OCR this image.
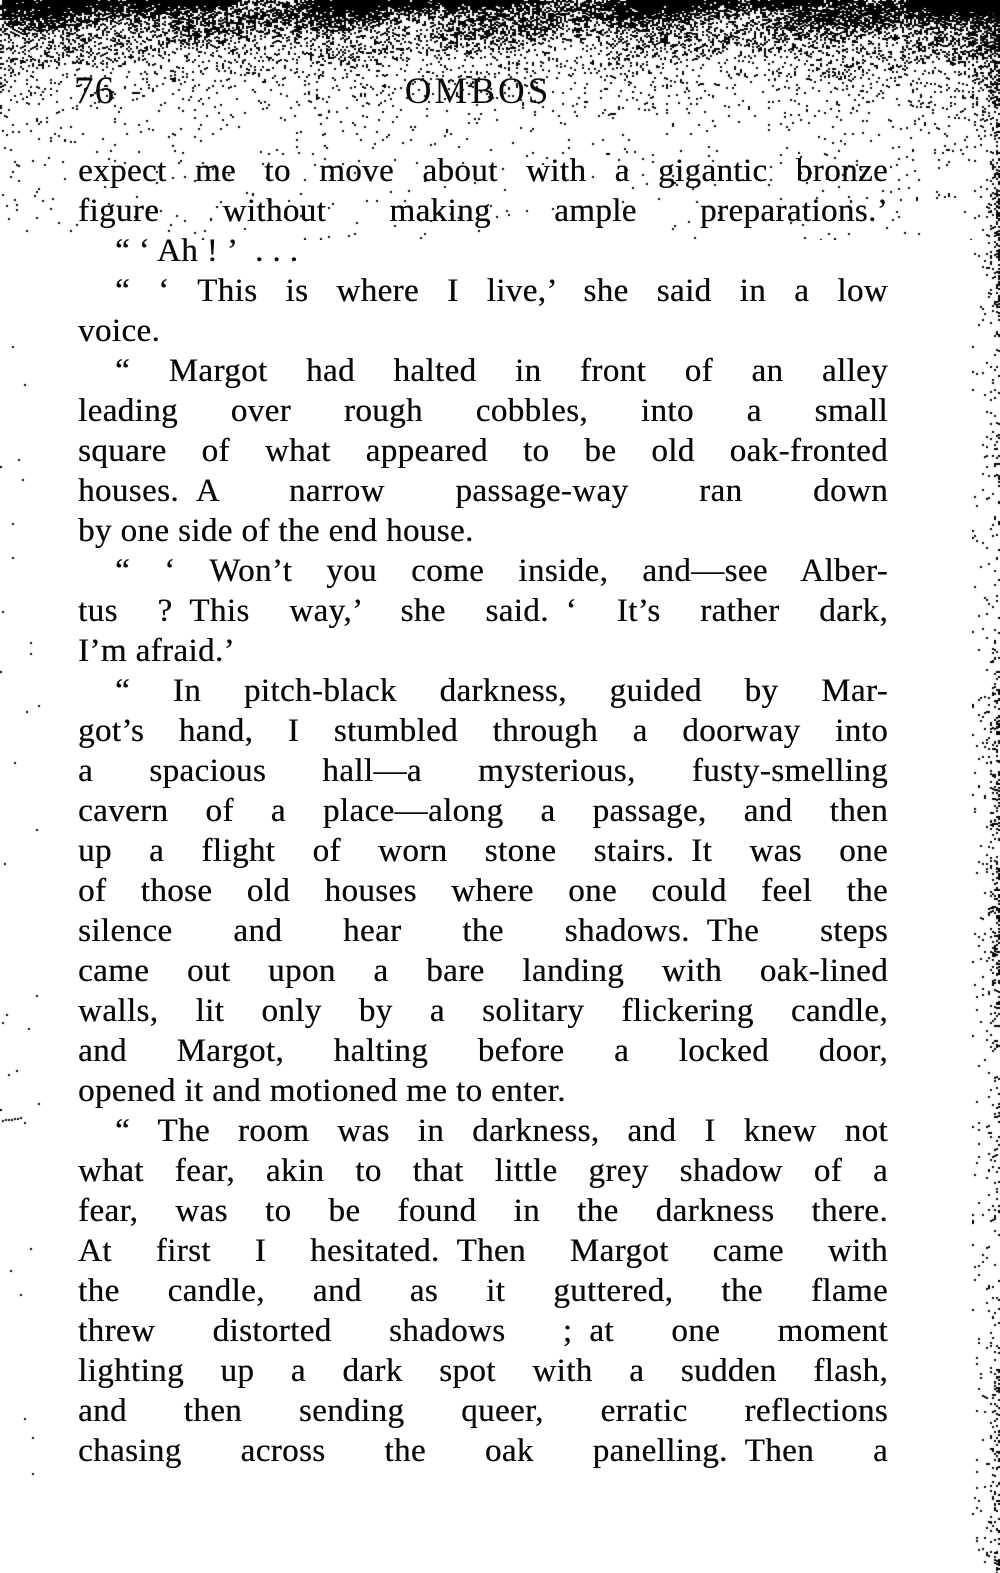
76	OMBOS
expect me to move about with a gigantic bronze
figure without making ample preparations.’
“ ‘ Ah ! ’ . . .
“ ‘ This is where I live,’ she said in a low
voice.
“ Margot had halted in front of an alley
leading over rough cobbles, into a small
square of what appeared to be old oak-fronted
houses. A narrow passage-way ran down
by one side of the end house.
“ ‘ Won’t you come inside, and—see Alber-
tus ? This way,’ she said. ‘ It’s rather dark,
I’m afraid.’
“ In pitch-black darkness, guided by Mar-
got’s hand, I stumbled through a doorway into
a spacious hall—a mysterious, fusty-smelling
cavern of a place—along a passage, and then
up a flight of worn stone stairs. It was one
of those old houses where one could feel the
silence and hear the shadows. The steps
came out upon a bare landing with oak-lined
walls, lit only by a solitary flickering candle,
and Margot, halting before a locked door,
opened it and motioned me to enter.
“ The room was in darkness, and I knew not
what fear, akin to that little grey shadow of a
fear, was to be found in the darkness there.
At first I hesitated. Then Margot came with
the candle, and as it guttered, the flame
threw distorted shadows ; at one moment
lighting up a dark spot with a sudden flash,
and then sending queer, erratic reflections
chasing across the oak panelling. Then a
